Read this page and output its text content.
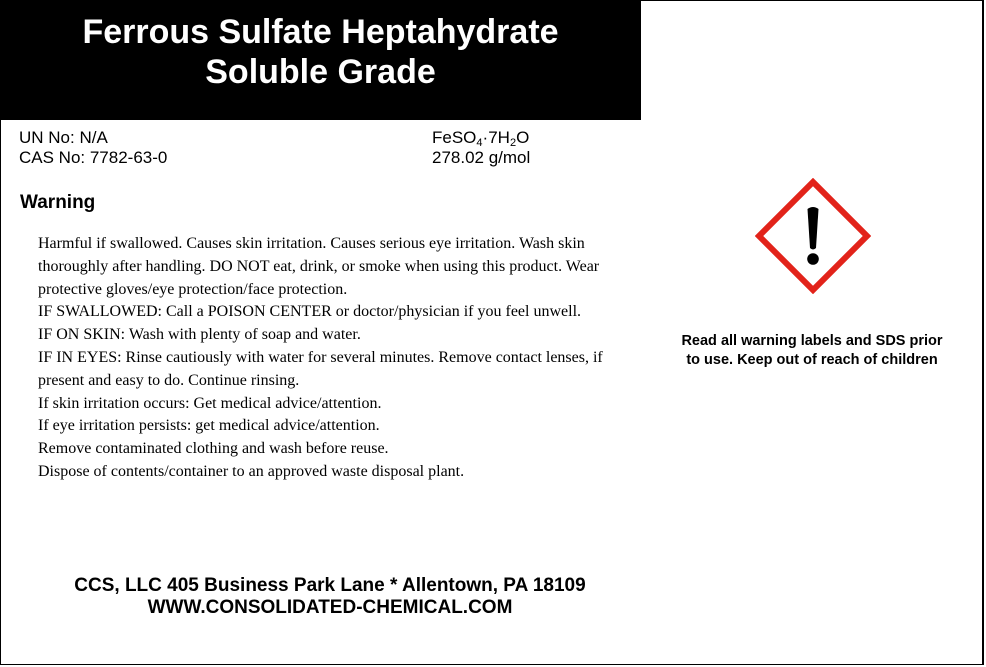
Ferrous Sulfate Heptahydrate
Soluble Grade
UN No: N/A
CAS No: 7782-63-0
$FeSO_4\cdot 7H_2O$
278.02 g/mol
Warning
Harmful if swallowed. Causes skin irritation. Causes serious eye irritation. Wash skin thoroughly after handling. DO NOT eat, drink, or smoke when using this product. Wear protective gloves/eye protection/face protection.
IF SWALLOWED: Call a POISON CENTER or doctor/physician if you feel unwell.
IF ON SKIN: Wash with plenty of soap and water.
IF IN EYES: Rinse cautiously with water for several minutes. Remove contact lenses, if present and easy to do. Continue rinsing.
If skin irritation occurs: Get medical advice/attention.
If eye irritation persists: get medical advice/attention.
Remove contaminated clothing and wash before reuse.
Dispose of contents/container to an approved waste disposal plant.
CCS, LLC 405 Business Park Lane * Allentown, PA 18109
WWW.CONSOLIDATED-CHEMICAL.COM
Read all warning labels and SDS prior to use. Keep out of reach of children
